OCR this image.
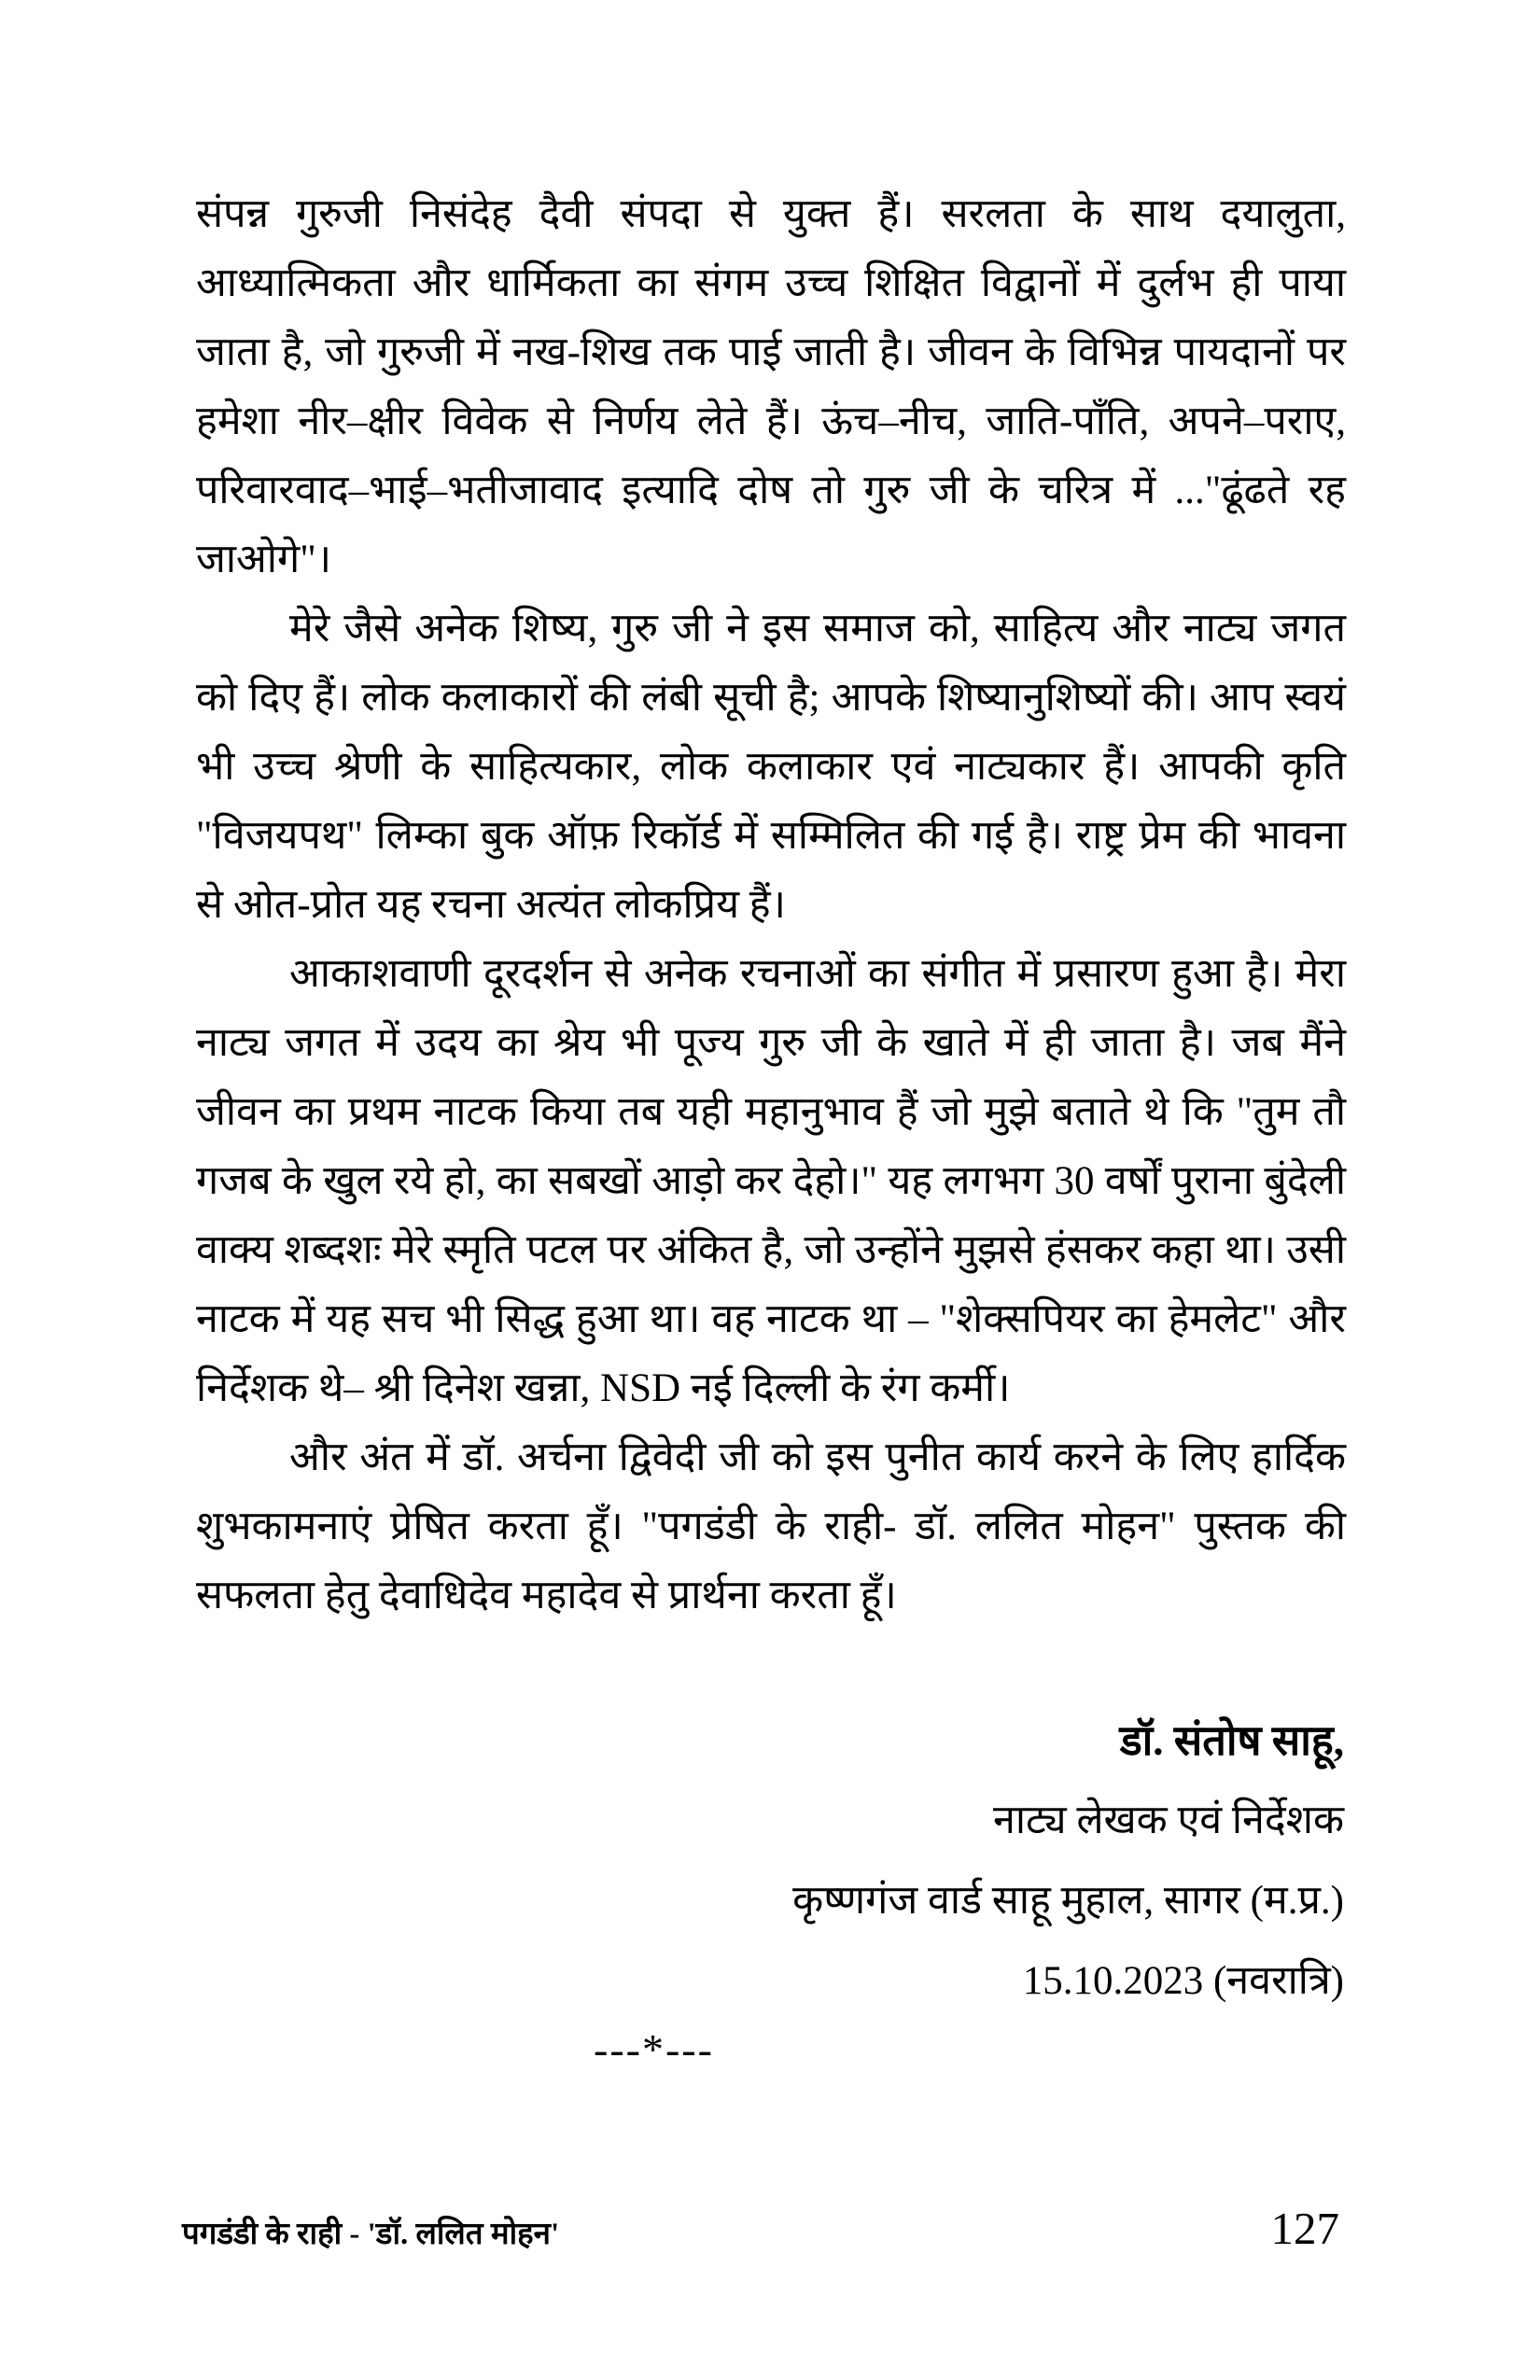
संपन्न गुरुजी निसंदेह दैवी संपदा से युक्त हैं। सरलता के साथ दयालुता, आध्यात्मिकता और धार्मिकता का संगम उच्च शिक्षित विद्वानों में दुर्लभ ही पाया जाता है, जो गुरुजी में नख-शिख तक पाई जाती है। जीवन के विभिन्न पायदानों पर हमेशा नीर–क्षीर विवेक से निर्णय लेते हैं। ऊंच–नीच, जाति-पाँति, अपने–पराए, परिवारवाद–भाई–भतीजावाद इत्यादि दोष तो गुरु जी के चरित्र में ..."ढूंढते रह जाओगे"।

मेरे जैसे अनेक शिष्य, गुरु जी ने इस समाज को, साहित्य और नाट्य जगत को दिए हैं। लोक कलाकारों की लंबी सूची है; आपके शिष्यानुशिष्यों की। आप स्वयं भी उच्च श्रेणी के साहित्यकार, लोक कलाकार एवं नाट्यकार हैं। आपकी कृति "विजयपथ" लिम्का बुक ऑफ़ रिकॉर्ड में सम्मिलित की गई है। राष्ट्र प्रेम की भावना से ओत-प्रोत यह रचना अत्यंत लोकप्रिय हैं।

आकाशवाणी दूरदर्शन से अनेक रचनाओं का संगीत में प्रसारण हुआ है। मेरा नाट्य जगत में उदय का श्रेय भी पूज्य गुरु जी के खाते में ही जाता है। जब मैंने जीवन का प्रथम नाटक किया तब यही महानुभाव हैं जो मुझे बताते थे कि "तुम तौ गजब के खुल रये हो, का सबखों आड़ो कर देहो।" यह लगभग 30 वर्षों पुराना बुंदेली वाक्य शब्दशः मेरे स्मृति पटल पर अंकित है, जो उन्होंने मुझसे हंसकर कहा था। उसी नाटक में यह सच भी सिद्ध हुआ था। वह नाटक था – "शेक्सपियर का हेमलेट" और निर्देशक थे– श्री दिनेश खन्ना, NSD नई दिल्ली के रंग कर्मी।

और अंत में डॉ. अर्चना द्विवेदी जी को इस पुनीत कार्य करने के लिए हार्दिक शुभकामनाएं प्रेषित करता हूँ। "पगडंडी के राही- डॉ. ललित मोहन" पुस्तक की सफलता हेतु देवाधिदेव महादेव से प्रार्थना करता हूँ।

डॉ. संतोष साहू,

नाट्य लेखक एवं निर्देशक

कृष्णगंज वार्ड साहू मुहाल, सागर (म.प्र.)

15.10.2023 (नवरात्रि)

---*---
पगडंडी के राही - 'डॉ. ललित मोहन'	127
